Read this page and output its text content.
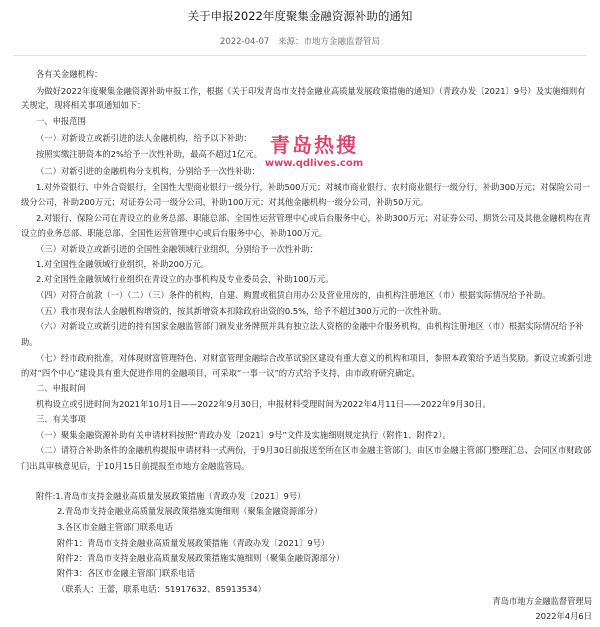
关于申报2022年度聚集金融资源补助的通知
2022-04-07 来源：市地方金融监督管局
各有关金融机构：
为做好2022年度聚集金融资源补助申报工作，根据《关于印发青岛市支持金融业高质量发展政策措施的通知》（青政办发〔2021〕9号）及实施细则有
关规定，现将相关事项通知如下：
一、申报范围
（一）对新设立或新引进的法人金融机构，给予以下补助：
按照实缴注册资本的2%给予一次性补助，最高不超过1亿元。
（二）对新引进的金融机构分支机构，分别给予一次性补助：
1.对外资银行、中外合资银行，全国性大型商业银行一级分行，补助500万元；对城市商业银行、农村商业银行一级分行，补助300万元；对保险公司一
级分公司，补助200万元；对证券公司一级分公司，补助100万元；对其他金融机构一级分公司，补助50万元。
2.对银行、保险公司在青设立的业务总部、职能总部、全国性运营管理中心或后台服务中心，补助300万元；对证券公司、期货公司及其他金融机构在青
设立的业务总部、职能总部、全国性运营管理中心或后台服务中心，补助100万元。
（三）对新设立或新引进的全国性金融领域行业组织，分别给予一次性补助：
1.对全国性金融领域行业组织，补助200万元。
2.对全国性金融领域行业组织在青设立的办事机构及专业委员会，补助100万元。
（四）对符合前款（一）（二）（三）条件的机构，自建、购置或租赁自用办公及营业用房的，由机构注册地区（市）根据实际情况给予补助。
（五）我市现有法人金融机构增资的，按其新增资本扣除政府出资的0.5%，给予不超过300万元的一次性补助。
（六）对新设立或新引进的持有国家金融监管部门颁发业务牌照并具有独立法人资格的金融中介服务机构，由机构注册地区（市）根据实际情况给予补
助。
（七）经市政府批准，对体现财富管理特色、对财富管理金融综合改革试验区建设有重大意义的机构和项目，参照本政策给予适当奖励。新设立或新引进
的对“四个中心”建设具有重大促进作用的金融项目，可采取“一事一议”的方式给予支持，由市政府研究确定。
二、申报时间
机构设立或引进时间为2021年10月1日——2022年9月30日，申报材料受理时间为2022年4月11日——2022年9月30日。
三、有关事项
（一）聚集金融资源补助有关申请材料按照“青政办发〔2021〕9号”文件及实施细则规定执行（附件1、附件2）。
（二）请符合补助条件的金融机构提报申请材料一式两份，于9月30日前报送至所在区市金融主管部门，由区市金融主管部门整理汇总、会同区市财政部
门出具审核意见后，于10月15日前提报至市地方金融监管局。
附件:1.青岛市支持金融业高质量发展政策措施（青政办发〔2021〕9号）
2.青岛市支持金融业高质量发展政策措施实施细则（聚集金融资源部分）
3.各区市金融主管部门联系电话
附件1：青岛市支持金融业高质量发展政策措施（青政办发〔2021〕9号）
附件2：青岛市支持金融业高质量发展政策措施实施细则（聚集金融资源部分）
附件3：各区市金融主管部门联系电话
（联系人：王蕾，联系电话：51917632、85913534）
青岛市地方金融监督管理局
2022年4月6日
青岛热搜
www.qdlives.com
